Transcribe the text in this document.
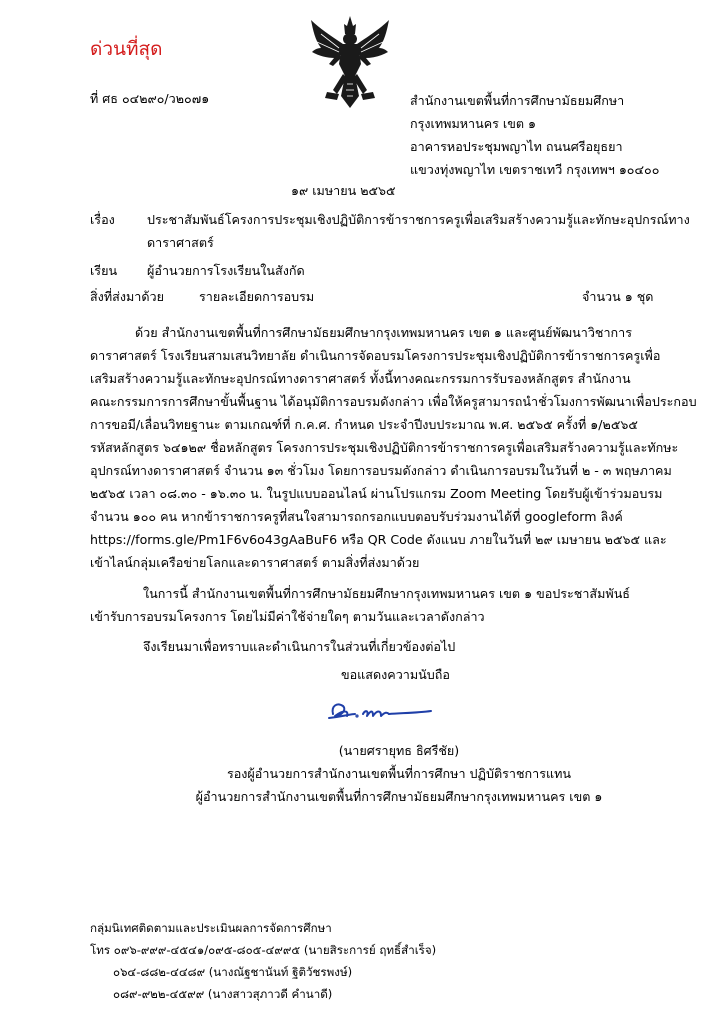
ด่วนที่สุด
ที่ ศธ ๐๔๒๙๐/ว๒๐๗๑	สำนักงานเขตพื้นที่การศึกษามัธยมศึกษา
กรุงเทพมหานคร เขต ๑
อาคารหอประชุมพญาไท ถนนศรีอยุธยา
แขวงทุ่งพญาไท เขตราชเทวี กรุงเทพฯ ๑๐๔๐๐
๑๙ เมษายน ๒๕๖๕
เรื่อง	ประชาสัมพันธ์โครงการประชุมเชิงปฏิบัติการข้าราชการครูเพื่อเสริมสร้างความรู้และทักษะอุปกรณ์ทาง
ดาราศาสตร์
เรียน ผู้อำนวยการโรงเรียนในสังกัด
สิ่งที่ส่งมาด้วย	รายละเอียดการอบรม	จำนวน ๑ ชุด
ด้วย สำนักงานเขตพื้นที่การศึกษามัธยมศึกษากรุงเทพมหานคร เขต ๑ และศูนย์พัฒนาวิชาการ
ดาราศาสตร์ โรงเรียนสามเสนวิทยาลัย ดำเนินการจัดอบรมโครงการประชุมเชิงปฏิบัติการข้าราชการครูเพื่อ
เสริมสร้างความรู้และทักษะอุปกรณ์ทางดาราศาสตร์ ทั้งนี้ทางคณะกรรมการรับรองหลักสูตร สำนักงาน
คณะกรรมการการศึกษาขั้นพื้นฐาน ได้อนุมัติการอบรมดังกล่าว เพื่อให้ครูสามารถนำชั่วโมงการพัฒนาเพื่อประกอบ
การขอมี/เลื่อนวิทยฐานะ ตามเกณฑ์ที่ ก.ค.ศ. กำหนด ประจำปีงบประมาณ พ.ศ. ๒๕๖๕ ครั้งที่ ๑/๒๕๖๕
รหัสหลักสูตร ๖๔๑๒๙ ชื่อหลักสูตร โครงการประชุมเชิงปฏิบัติการข้าราชการครูเพื่อเสริมสร้างความรู้และทักษะ
อุปกรณ์ทางดาราศาสตร์ จำนวน ๑๓ ชั่วโมง โดยการอบรมดังกล่าว ดำเนินการอบรมในวันที่ ๒ - ๓ พฤษภาคม
๒๕๖๕ เวลา ๐๘.๓๐ - ๑๖.๓๐ น. ในรูปแบบออนไลน์ ผ่านโปรแกรม Zoom Meeting โดยรับผู้เข้าร่วมอบรม
จำนวน ๑๐๐ คน หากข้าราชการครูที่สนใจสามารถกรอกแบบตอบรับร่วมงานได้ที่ googleform ลิงค์
https://forms.gle/Pm1F6v6o43gAaBuF6 หรือ QR Code ดังแนบ ภายในวันที่ ๒๙ เมษายน ๒๕๖๕ และ
เข้าไลน์กลุ่มเครือข่ายโลกและดาราศาสตร์ ตามสิ่งที่ส่งมาด้วย
ในการนี้ สำนักงานเขตพื้นที่การศึกษามัธยมศึกษากรุงเทพมหานคร เขต ๑ ขอประชาสัมพันธ์
เข้ารับการอบรมโครงการ โดยไม่มีค่าใช้จ่ายใดๆ ตามวันและเวลาดังกล่าว
จึงเรียนมาเพื่อทราบและดำเนินการในส่วนที่เกี่ยวข้องต่อไป
ขอแสดงความนับถือ
(นายศรายุทธ ธิศรีชัย)
รองผู้อำนวยการสำนักงานเขตพื้นที่การศึกษา ปฏิบัติราชการแทน
ผู้อำนวยการสำนักงานเขตพื้นที่การศึกษามัธยมศึกษากรุงเทพมหานคร เขต ๑
กลุ่มนิเทศติดตามและประเมินผลการจัดการศึกษา
โทร ๐๙๖-๙๙๙-๔๕๔๑/๐๙๕-๘๐๕-๔๙๙๕ (นายสิระการย์ ฤทธิ์สำเร็จ)
๐๖๔-๘๘๒-๔๔๘๙ (นางณัฐชานันท์ ฐิติวัชรพงษ์)
๐๘๙-๙๒๒-๔๕๙๙ (นางสาวสุภาวดี คำนาดี)
